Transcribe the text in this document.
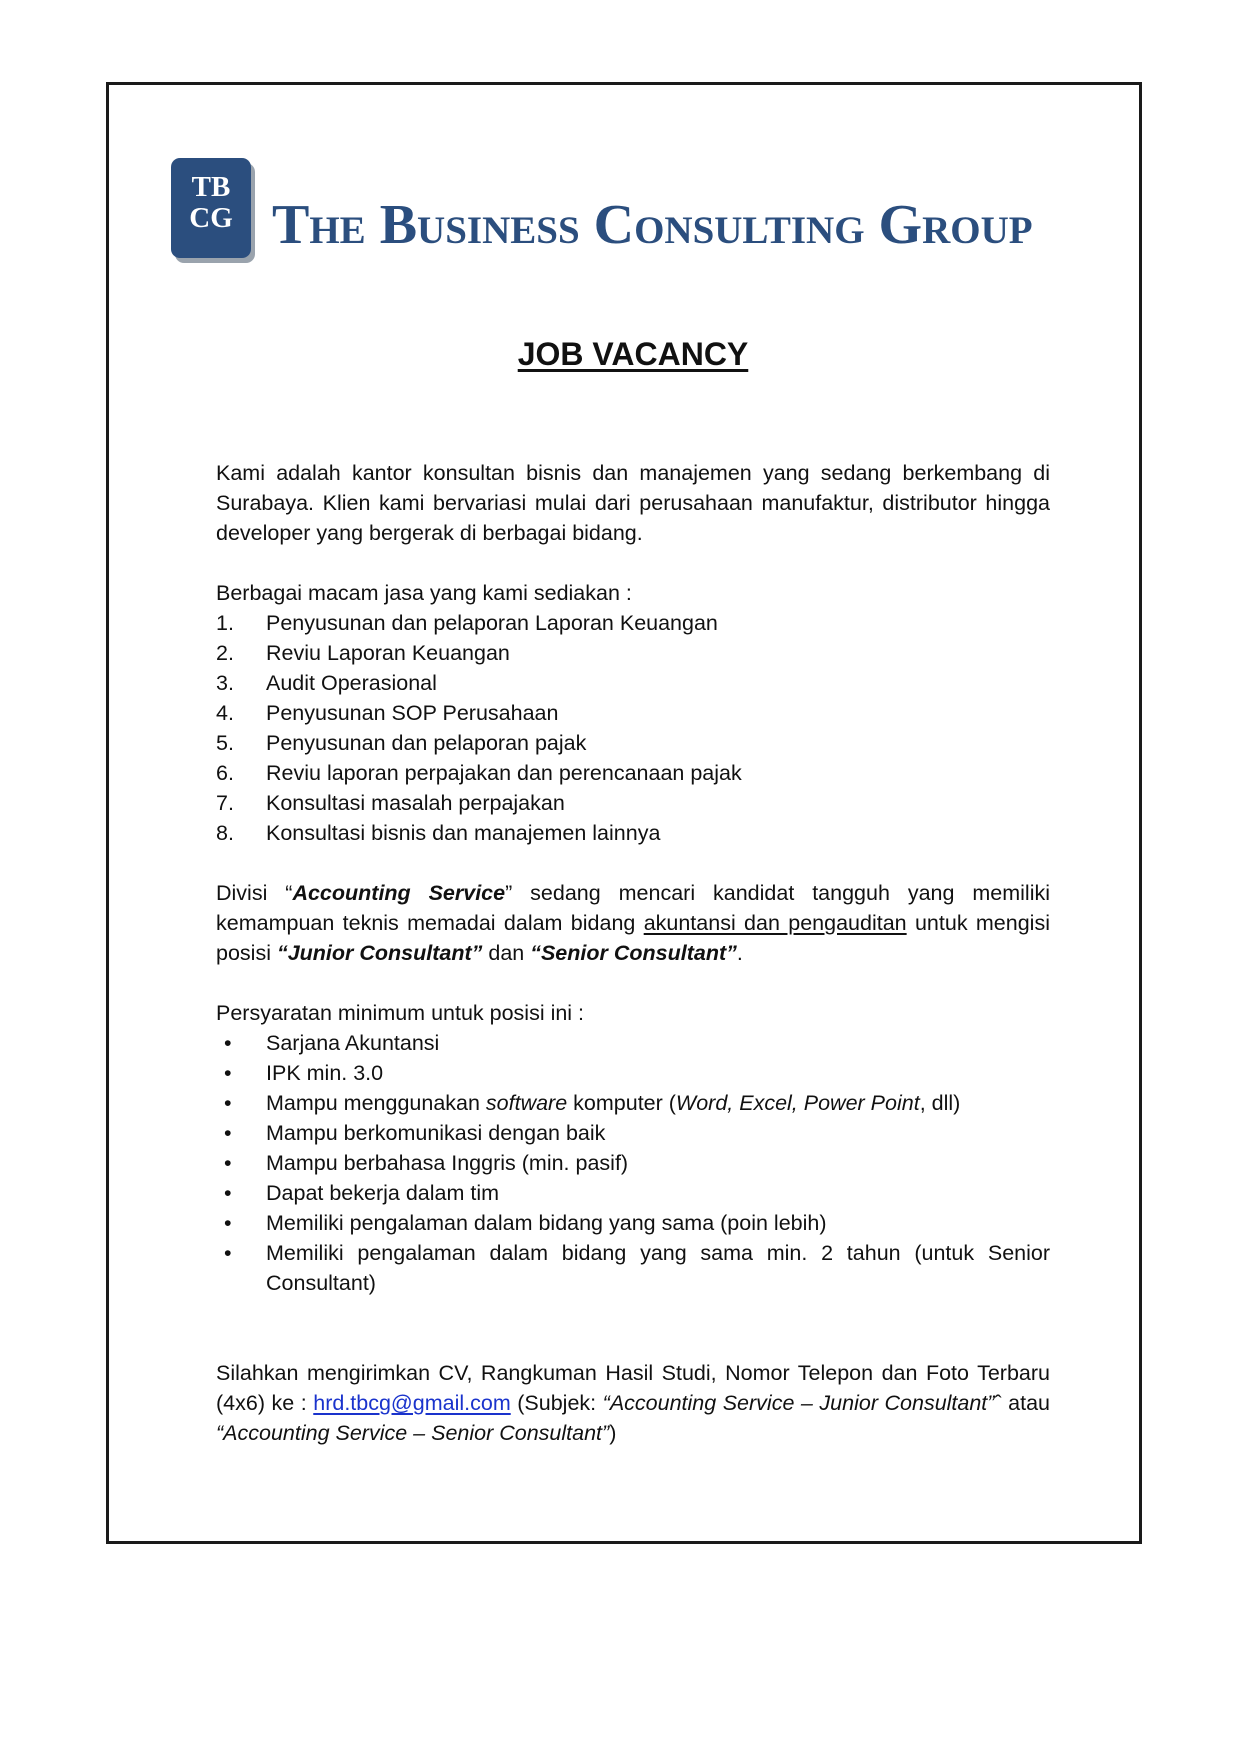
TB
CG The Business Consulting Group
JOB VACANCY

Kami adalah kantor konsultan bisnis dan manajemen yang sedang berkembang di Surabaya. Klien kami bervariasi mulai dari perusahaan manufaktur, distributor hingga developer yang bergerak di berbagai bidang.

Berbagai macam jasa yang kami sediakan :

1.	Penyusunan dan pelaporan Laporan Keuangan
2.	Reviu Laporan Keuangan
3.	Audit Operasional
4.	Penyusunan SOP Perusahaan
5.	Penyusunan dan pelaporan pajak
6.	Reviu laporan perpajakan dan perencanaan pajak
7.	Konsultasi masalah perpajakan
8.	Konsultasi bisnis dan manajemen lainnya

Divisi “Accounting Service” sedang mencari kandidat tangguh yang memiliki kemampuan teknis memadai dalam bidang akuntansi dan pengauditan untuk mengisi posisi “Junior Consultant” dan “Senior Consultant”.

Persyaratan minimum untuk posisi ini :

•	Sarjana Akuntansi
•	IPK min. 3.0
•	Mampu menggunakan software komputer (Word, Excel, Power Point, dll)
•	Mampu berkomunikasi dengan baik
•	Mampu berbahasa Inggris (min. pasif)
•	Dapat bekerja dalam tim
•	Memiliki pengalaman dalam bidang yang sama (poin lebih)
•	Memiliki pengalaman dalam bidang yang sama min. 2 tahun (untuk Senior Consultant)

Silahkan mengirimkan CV, Rangkuman Hasil Studi, Nomor Telepon dan Foto Terbaru (4x6) ke : hrd.tbcg@gmail.com (Subjek: “Accounting Service – Junior Consultant”ˆ atau “Accounting Service – Senior Consultant”)
